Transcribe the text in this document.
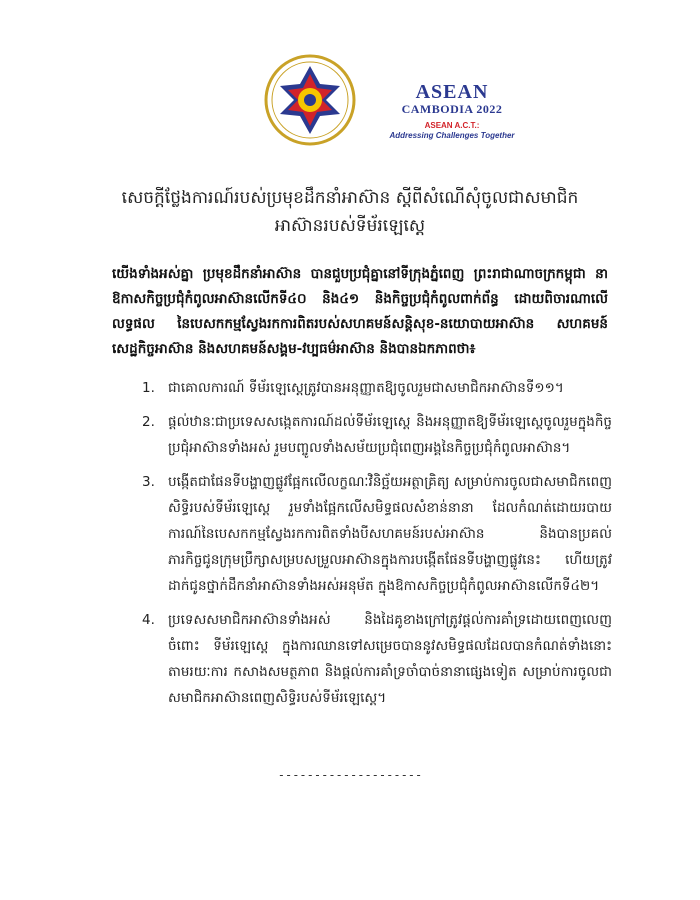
ASEAN
CAMBODIA 2022
ASEAN A.C.T.:
Addressing Challenges Together
សេចក្តីថ្លែងការណ៍របស់ប្រមុខដឹកនាំអាស៊ាន ស្តីពីសំណើសុំចូលជាសមាជិក
អាស៊ានរបស់ទីម័រឡេស្តេ
យើងទាំងអស់គ្នា ប្រមុខដឹកនាំអាស៊ាន បានជួបប្រជុំគ្នានៅទីក្រុងភ្នំពេញ ព្រះរាជាណាចក្រកម្ពុជា នាឱកាសកិច្ចប្រជុំកំពូលអាស៊ានលើកទី៤០ និង៤១ និងកិច្ចប្រជុំកំពូលពាក់ព័ន្ធ ដោយពិចារណាលើលទ្ធផល នៃបេសកកម្មស្វែងរកការពិតរបស់សហគមន៍សន្តិសុខ-នយោបាយអាស៊ាន សហគមន៍សេដ្ឋកិច្ចអាស៊ាន និងសហគមន៍សង្គម-វប្បធម៌អាស៊ាន និងបានឯកភាពថា៖
1. ជាគោលការណ៍ ទីម័រឡេស្តេត្រូវបានអនុញ្ញាតឱ្យចូលរួមជាសមាជិកអាស៊ានទី១១។
2. ផ្តល់ឋានៈជាប្រទេសសង្កេតការណ៍ដល់ទីម័រឡេស្តេ និងអនុញ្ញាតឱ្យទីម័រឡេស្តេចូលរួមក្នុងកិច្ចប្រជុំអាស៊ានទាំងអស់ រួមបញ្ចូលទាំងសម័យប្រជុំពេញអង្គនៃកិច្ចប្រជុំកំពូលអាស៊ាន។
3. បង្កើតជាផែនទីបង្ហាញផ្លូវផ្អែកលើលក្ខណៈវិនិច្ឆ័យអត្ថាគ្រិត្យ សម្រាប់ការចូលជាសមាជិកពេញសិទ្ធិរបស់ទីម័រឡេស្តេ រួមទាំងផ្អែកលើសមិទ្ធផលសំខាន់នានា ដែលកំណត់ដោយរបាយការណ៍នៃបេសកកម្មស្វែងរកការពិតទាំងបីសហគមន៍របស់អាស៊ាន និងបានប្រគល់ភារកិច្ចជូនក្រុមប្រឹក្សាសម្របសម្រួលអាស៊ានក្នុងការបង្កើតផែនទីបង្ហាញផ្លូវនេះ ហើយត្រូវដាក់ជូនថ្នាក់ដឹកនាំអាស៊ានទាំងអស់អនុម័ត ក្នុងឱកាសកិច្ចប្រជុំកំពូលអាស៊ានលើកទី៤២។
4. ប្រទេសសមាជិកអាស៊ានទាំងអស់ និងដៃគូខាងក្រៅត្រូវផ្តល់ការគាំទ្រដោយពេញលេញចំពោះ ទីម័រឡេស្តេ ក្នុងការឈានទៅសម្រេចបាននូវសមិទ្ធផលដែលបានកំណត់ទាំងនោះ តាមរយៈការ កសាងសមត្ថភាព និងផ្តល់ការគាំទ្រចាំបាច់នានាផ្សេងទៀត សម្រាប់ការចូលជាសមាជិកអាស៊ានពេញសិទ្ធិរបស់ទីម័រឡេស្តេ។
--------------------
